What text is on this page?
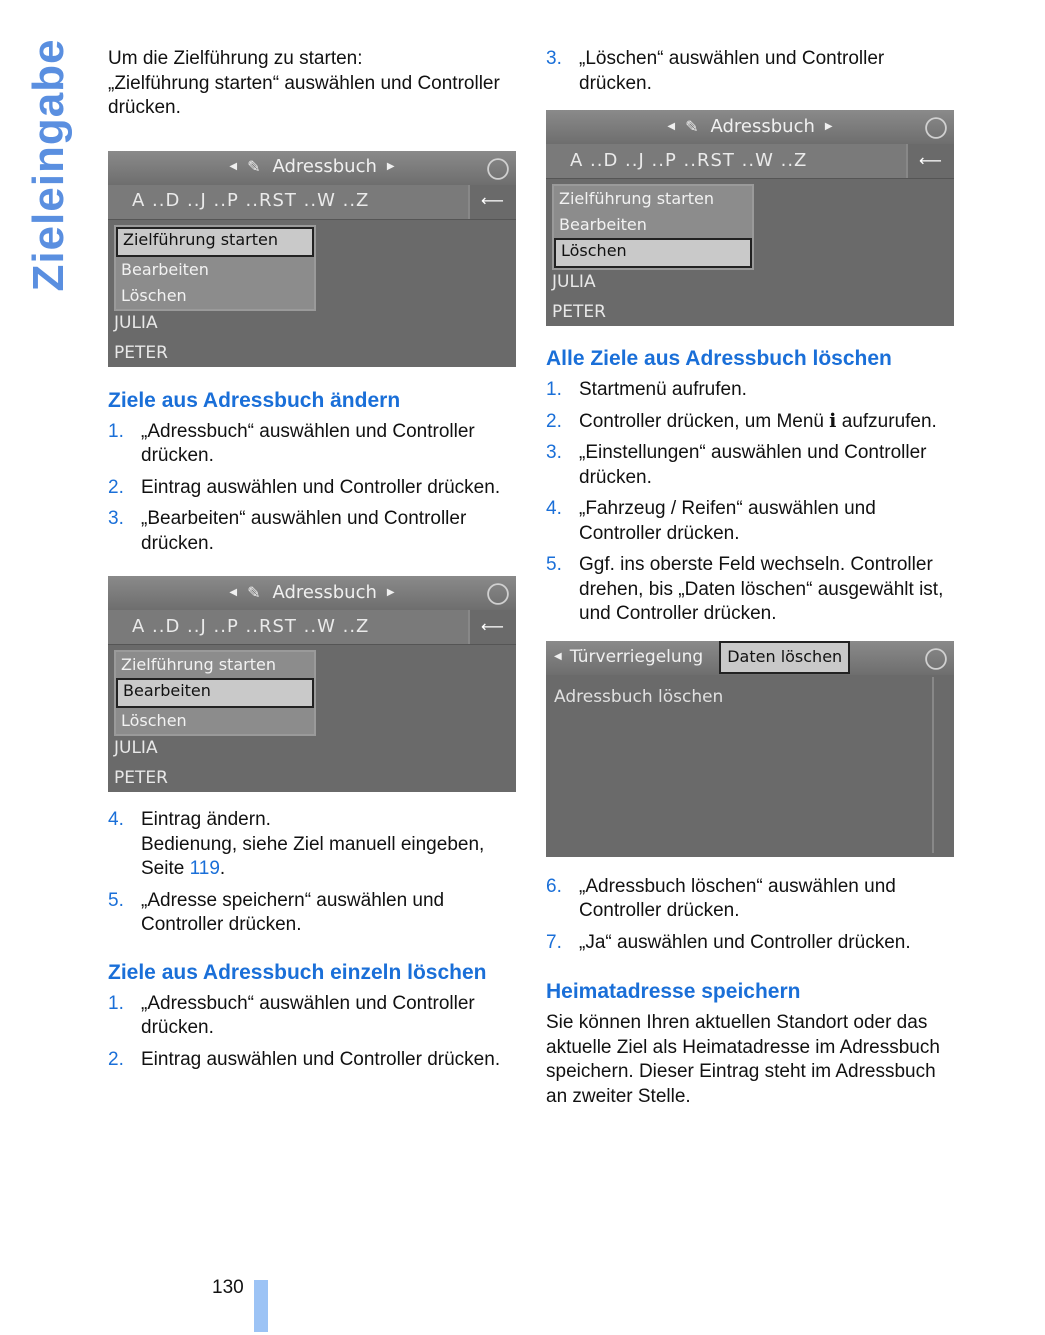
Zieleingabe Um die Zielführung zu starten:

„Zielführung starten“ auswählen und Controller drücken.

◀ ✎ Adressbuch ▶
A ..D ..J ..P ..RST ..W ..Z	⟵
Zielführung starten
Bearbeiten
Löschen
JULIA
PETER
Ziele aus Adressbuch ändern
1. „Adressbuch“ auswählen und Controller drücken.
2. Eintrag auswählen und Controller drücken.
3. „Bearbeiten“ auswählen und Controller drücken.
◀ ✎ Adressbuch ▶
A ..D ..J ..P ..RST ..W ..Z	⟵
Zielführung starten
Bearbeiten
Löschen
JULIA
PETER
4. Eintrag ändern.
Bedienung, siehe Ziel manuell eingeben, Seite 119.
5. „Adresse speichern“ auswählen und Controller drücken.
Ziele aus Adressbuch einzeln löschen
1. „Adressbuch“ auswählen und Controller drücken.
2. Eintrag auswählen und Controller drücken.
3. „Löschen“ auswählen und Controller drücken.
◀ ✎ Adressbuch ▶
A ..D ..J ..P ..RST ..W ..Z	⟵
Zielführung starten
Bearbeiten
Löschen
JULIA
PETER
Alle Ziele aus Adressbuch löschen
1. Startmenü aufrufen.
2. Controller drücken, um Menü ℹ aufzurufen.
3. „Einstellungen“ auswählen und Controller drücken.
4. „Fahrzeug / Reifen“ auswählen und Controller drücken.
5. Ggf. ins oberste Feld wechseln. Controller drehen, bis „Daten löschen“ ausgewählt ist, und Controller drücken.
◀ Türverriegelung	Daten löschen
Adressbuch löschen
6. „Adressbuch löschen“ auswählen und Controller drücken.
7. „Ja“ auswählen und Controller drücken.
Heimatadresse speichern

Sie können Ihren aktuellen Standort oder das aktuelle Ziel als Heimatadresse im Adressbuch speichern. Dieser Eintrag steht im Adressbuch an zweiter Stelle.

130
